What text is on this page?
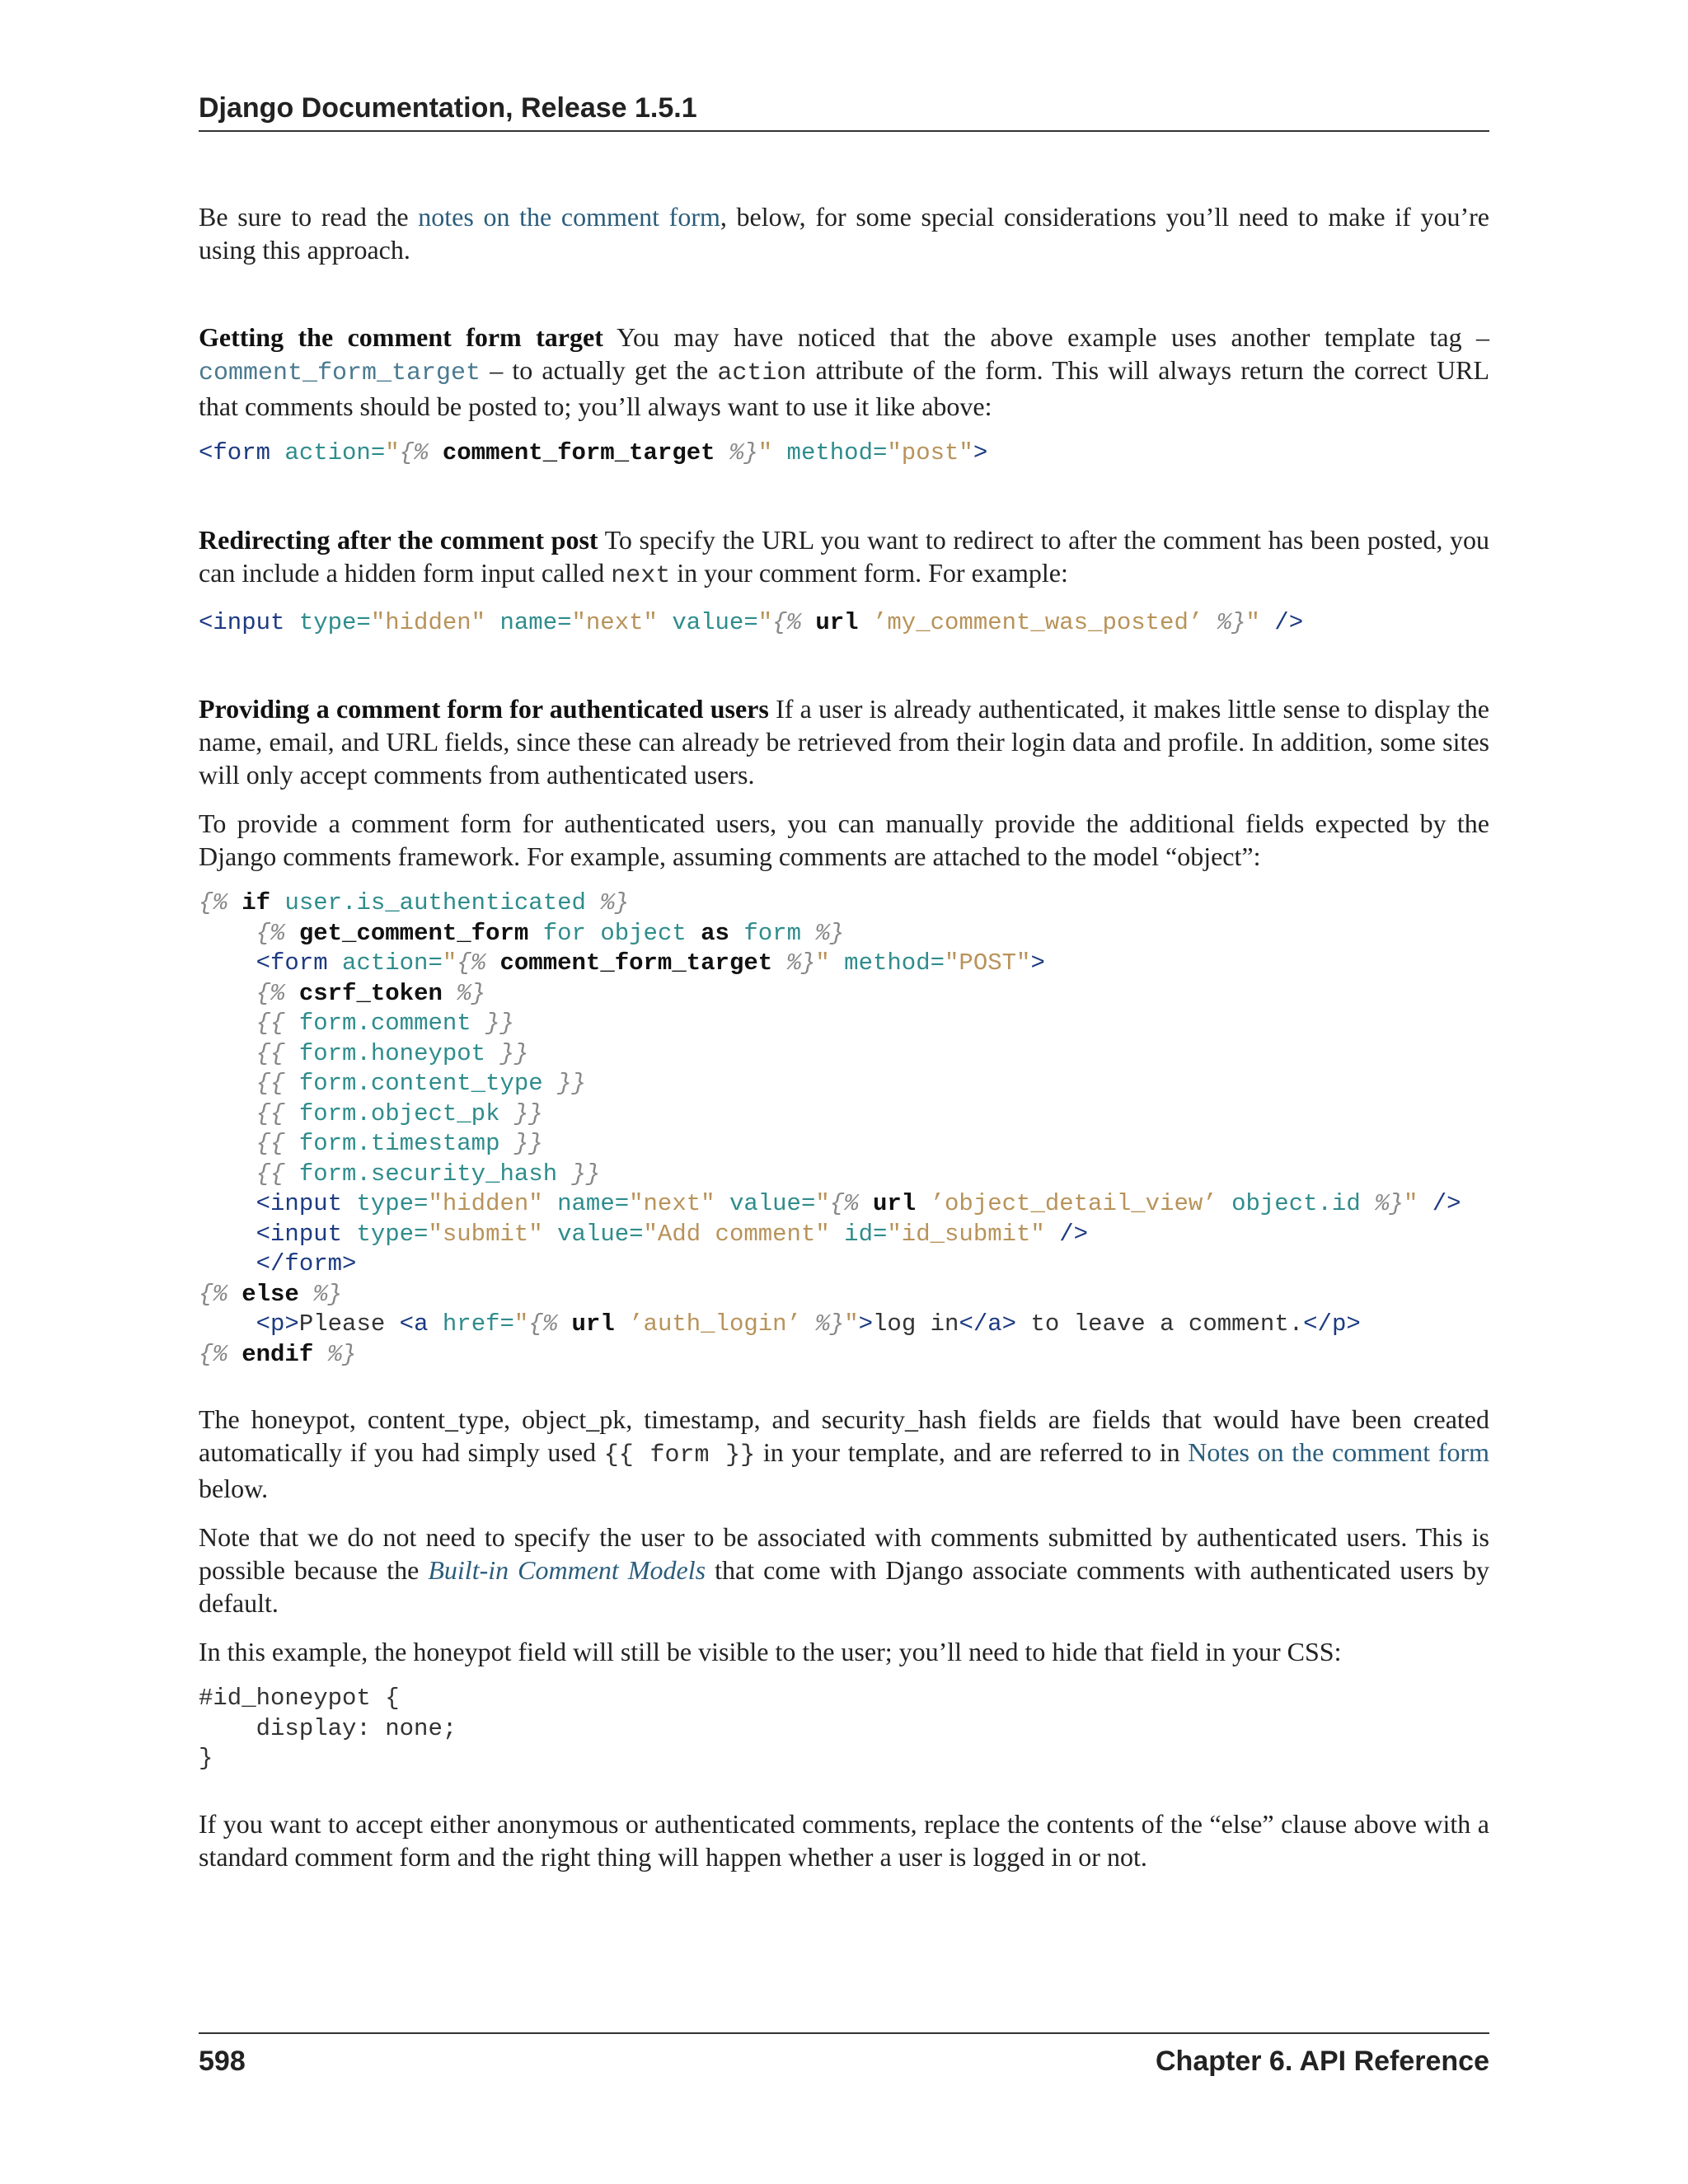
Django Documentation, Release 1.5.1

Be sure to read the notes on the comment form, below, for some special considerations you’ll need to make if you’re using this approach.

Getting the comment form target You may have noticed that the above example uses another template tag – comment_form_target – to actually get the action attribute of the form. This will always return the correct URL that comments should be posted to; you’ll always want to use it like above:

<form action="{% comment_form_target %}" method="post">

Redirecting after the comment post To specify the URL you want to redirect to after the comment has been posted, you can include a hidden form input called next in your comment form. For example:

<input type="hidden" name="next" value="{% url ’my_comment_was_posted’ %}" />

Providing a comment form for authenticated users If a user is already authenticated, it makes little sense to display the name, email, and URL fields, since these can already be retrieved from their login data and profile. In addition, some sites will only accept comments from authenticated users.

To provide a comment form for authenticated users, you can manually provide the additional fields expected by the Django comments framework. For example, assuming comments are attached to the model “object”:

{% if user.is_authenticated %}
{% get_comment_form for object as form %}
<form action="{% comment_form_target %}" method="POST">
{% csrf_token %}
{{ form.comment }}
{{ form.honeypot }}
{{ form.content_type }}
{{ form.object_pk }}
{{ form.timestamp }}
{{ form.security_hash }}
<input type="hidden" name="next" value="{% url ’object_detail_view’ object.id %}" />
<input type="submit" value="Add comment" id="id_submit" />
</form>
{% else %}
<p>Please <a href="{% url ’auth_login’ %}">log in</a> to leave a comment.</p>
{% endif %}

The honeypot, content_type, object_pk, timestamp, and security_hash fields are fields that would have been created automatically if you had simply used {{ form }} in your template, and are referred to in Notes on the comment form below.

Note that we do not need to specify the user to be associated with comments submitted by authenticated users. This is possible because the Built-in Comment Models that come with Django associate comments with authenticated users by default.

In this example, the honeypot field will still be visible to the user; you’ll need to hide that field in your CSS:

#id_honeypot {
display: none;
}

If you want to accept either anonymous or authenticated comments, replace the contents of the “else” clause above with a standard comment form and the right thing will happen whether a user is logged in or not.

598	Chapter 6. API Reference
